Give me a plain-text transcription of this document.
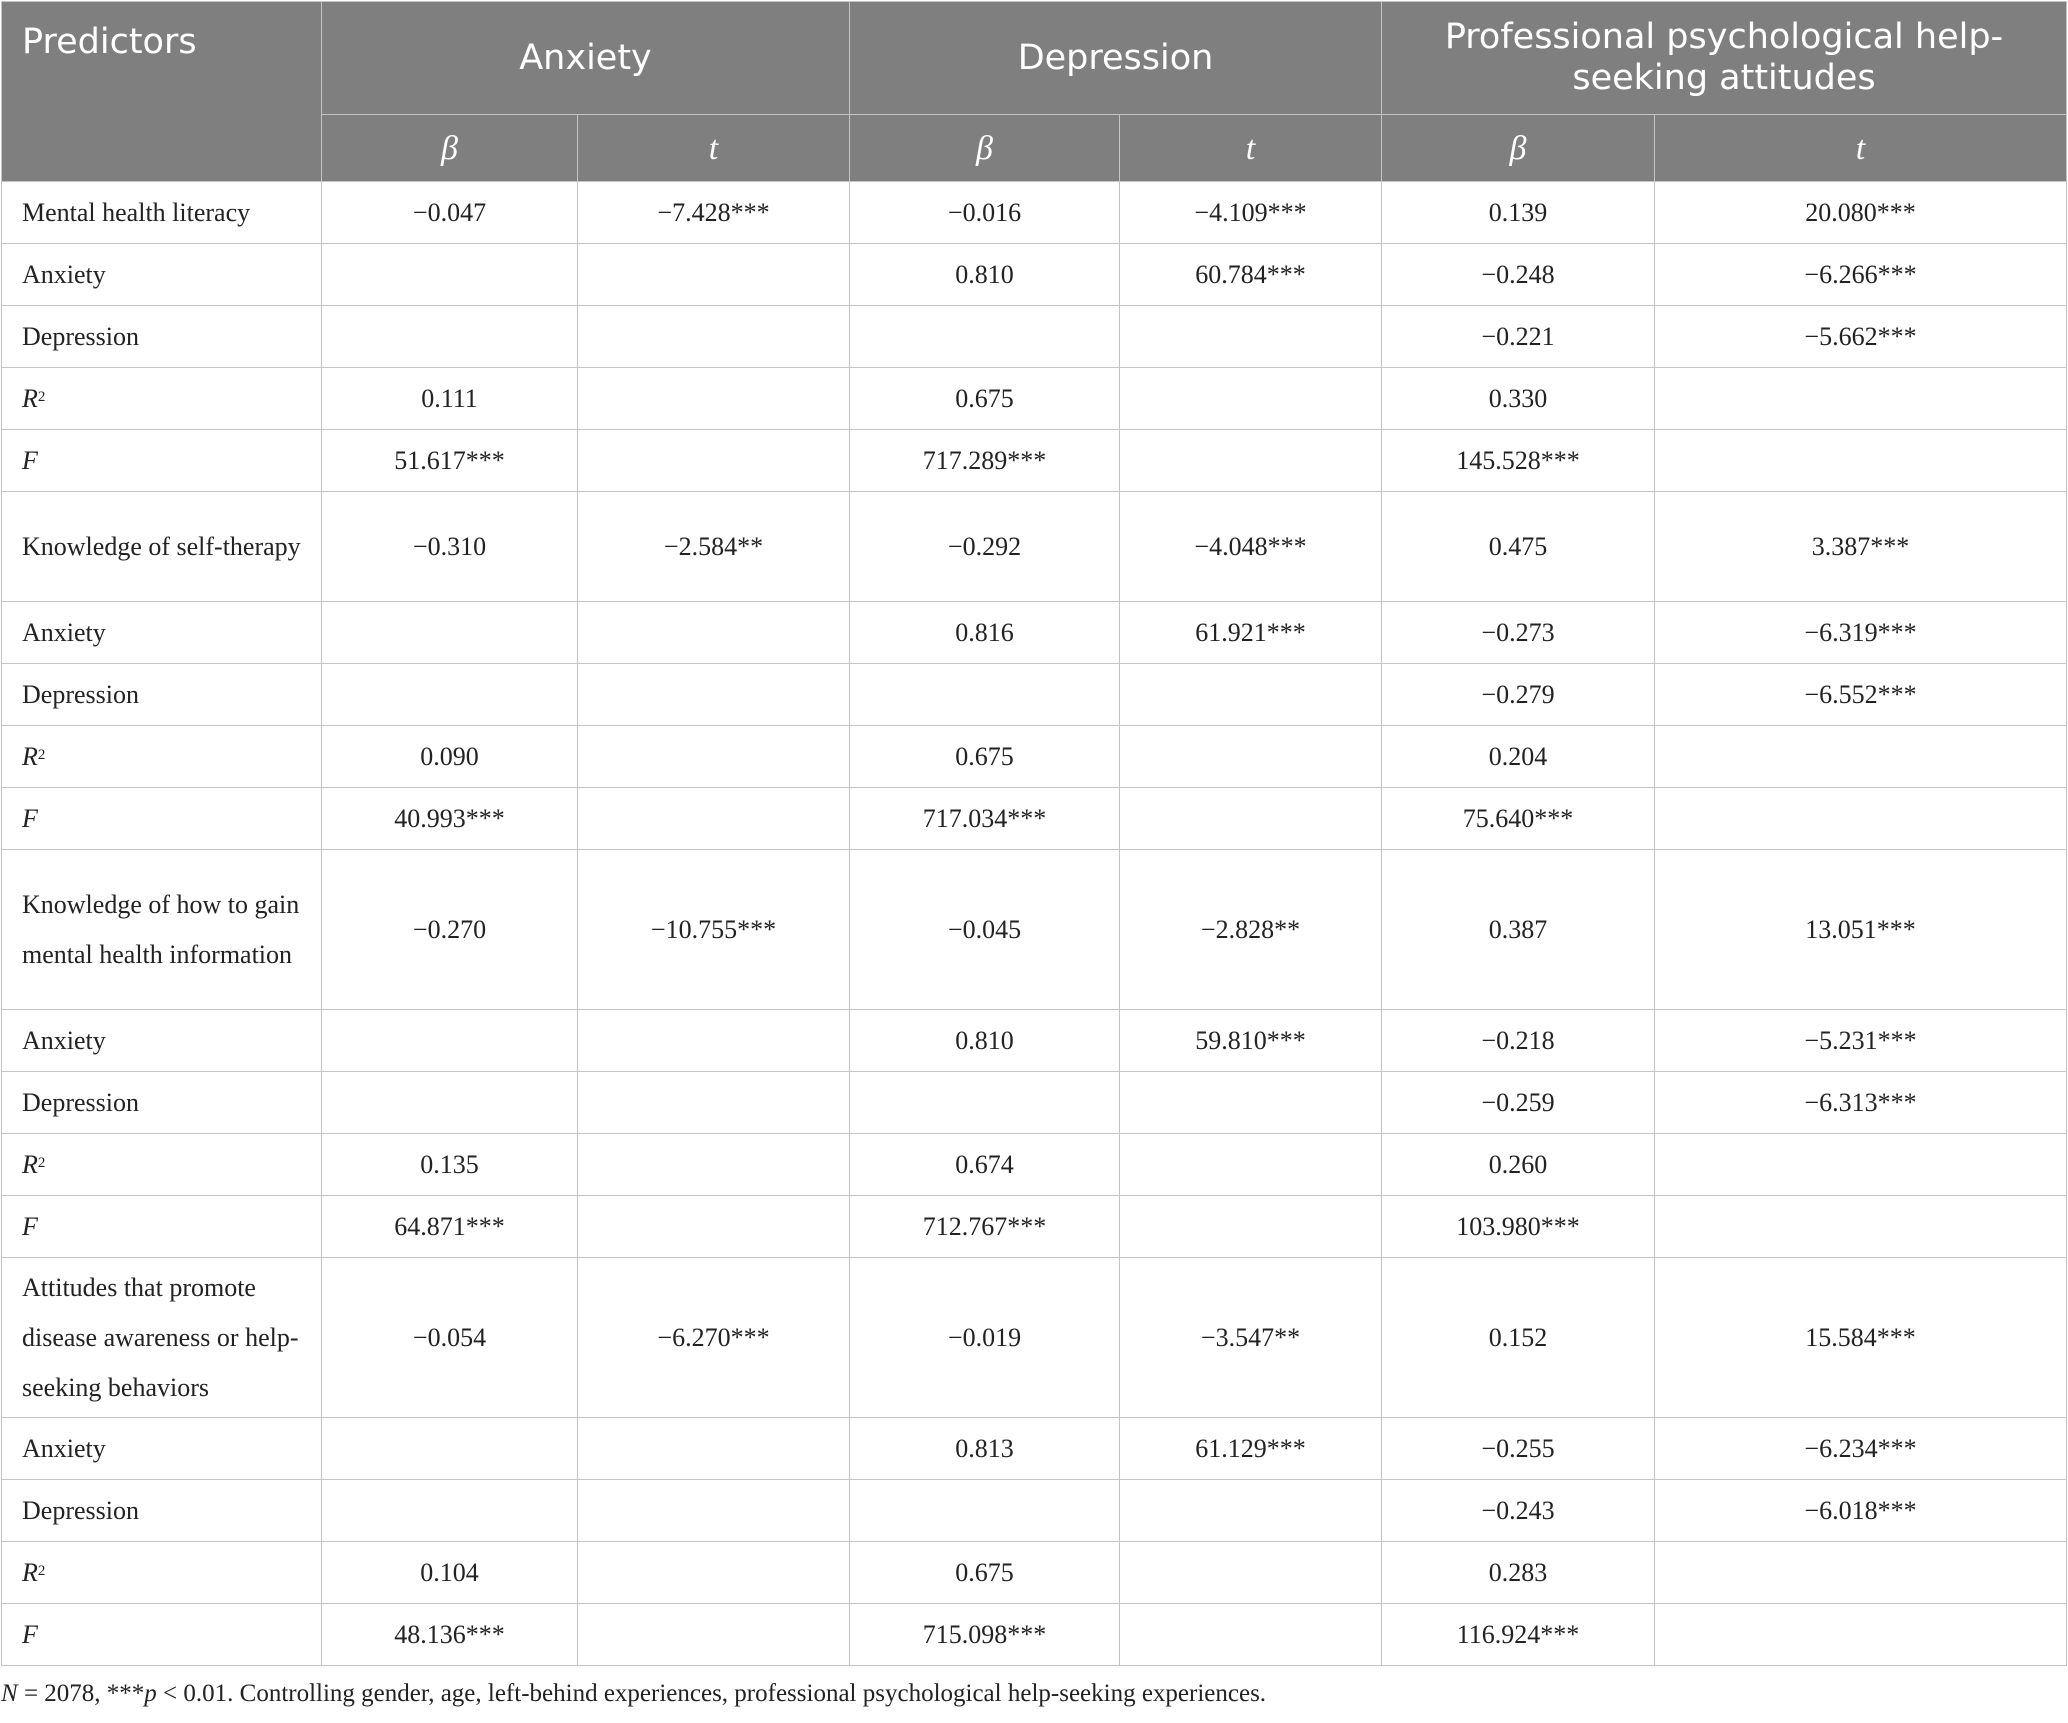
Predictors	Anxiety		Depression		Professional psychological help-seeking attitudes	
	β	t	β	t	β	t
Mental health literacy	−0.047	−7.428***	−0.016	−4.109***	0.139	20.080***
Anxiety			0.810	60.784***	−0.248	−6.266***
Depression					−0.221	−5.662***
$R^2$	0.111		0.675		0.330	
F	51.617***		717.289***		145.528***	
Knowledge of self-therapy	−0.310	−2.584**	−0.292	−4.048***	0.475	3.387***
Anxiety			0.816	61.921***	−0.273	−6.319***
Depression					−0.279	−6.552***
$R^2$	0.090		0.675		0.204	
F	40.993***		717.034***		75.640***	
Knowledge of how to gain mental health information	−0.270	−10.755***	−0.045	−2.828**	0.387	13.051***
Anxiety			0.810	59.810***	−0.218	−5.231***
Depression					−0.259	−6.313***
$R^2$	0.135		0.674		0.260	
F	64.871***		712.767***		103.980***	
Attitudes that promote disease awareness or help-seeking behaviors	−0.054	−6.270***	−0.019	−3.547**	0.152	15.584***
Anxiety			0.813	61.129***	−0.255	−6.234***
Depression					−0.243	−6.018***
$R^2$	0.104		0.675		0.283	
F	48.136***		715.098***		116.924***	
N = 2078, ***p < 0.01. Controlling gender, age, left-behind experiences, professional psychological help-seeking experiences.
